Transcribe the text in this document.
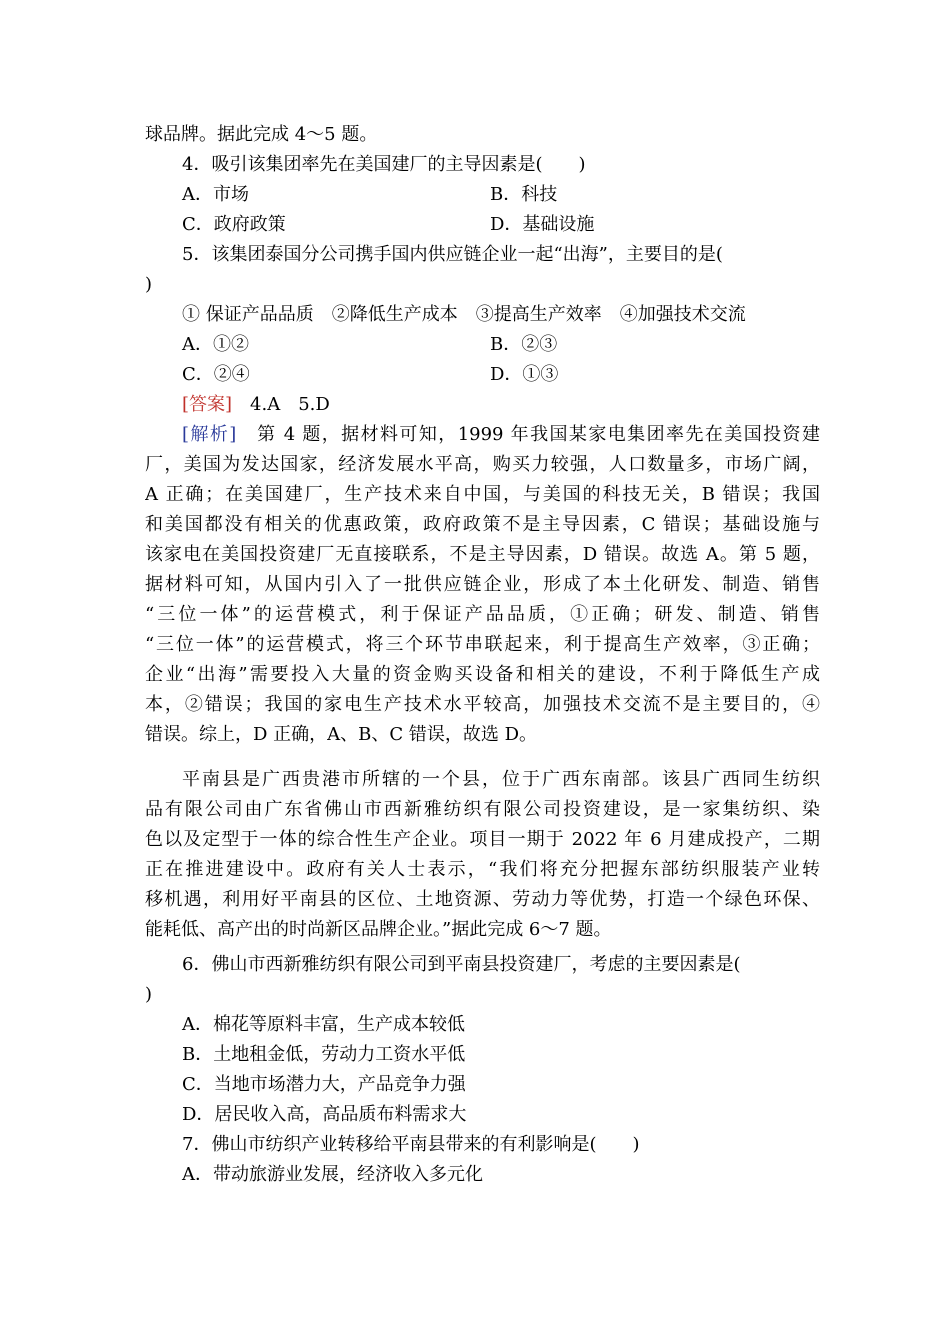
球品牌。据此完成 4～5 题。
4．吸引该集团率先在美国建厂的主导因素是(　　)
A．市场	B．科技
C．政府政策	D．基础设施
5．该集团泰国分公司携手国内供应链企业一起“出海”，主要目的是(
)
① 保证产品品质　②降低生产成本　③提高生产效率　④加强技术交流
A．①②	B．②③
C．②④	D．①③
[答案]　4.A　5.D
[解析]　第 4 题，据材料可知，1999 年我国某家电集团率先在美国投资建
厂，美国为发达国家，经济发展水平高，购买力较强，人口数量多，市场广阔，
A 正确；在美国建厂，生产技术来自中国，与美国的科技无关，B 错误；我国
和美国都没有相关的优惠政策，政府政策不是主导因素，C 错误；基础设施与
该家电在美国投资建厂无直接联系，不是主导因素，D 错误。故选 A。第 5 题，
据材料可知，从国内引入了一批供应链企业，形成了本土化研发、制造、销售
“三位一体”的运营模式，利于保证产品品质，①正确；研发、制造、销售
“三位一体”的运营模式，将三个环节串联起来，利于提高生产效率，③正确；
企业“出海”需要投入大量的资金购买设备和相关的建设，不利于降低生产成
本，②错误；我国的家电生产技术水平较高，加强技术交流不是主要目的，④
错误。综上，D 正确，A、B、C 错误，故选 D。
平南县是广西贵港市所辖的一个县，位于广西东南部。该县广西同生纺织
品有限公司由广东省佛山市西新雅纺织有限公司投资建设，是一家集纺织、染
色以及定型于一体的综合性生产企业。项目一期于 2022 年 6 月建成投产，二期
正在推进建设中。政府有关人士表示，“我们将充分把握东部纺织服装产业转
移机遇，利用好平南县的区位、土地资源、劳动力等优势，打造一个绿色环保、
能耗低、高产出的时尚新区品牌企业。”据此完成 6～7 题。
6．佛山市西新雅纺织有限公司到平南县投资建厂，考虑的主要因素是(
)
A．棉花等原料丰富，生产成本较低
B．土地租金低，劳动力工资水平低
C．当地市场潜力大，产品竞争力强
D．居民收入高，高品质布料需求大
7．佛山市纺织产业转移给平南县带来的有利影响是(　　)
A．带动旅游业发展，经济收入多元化
